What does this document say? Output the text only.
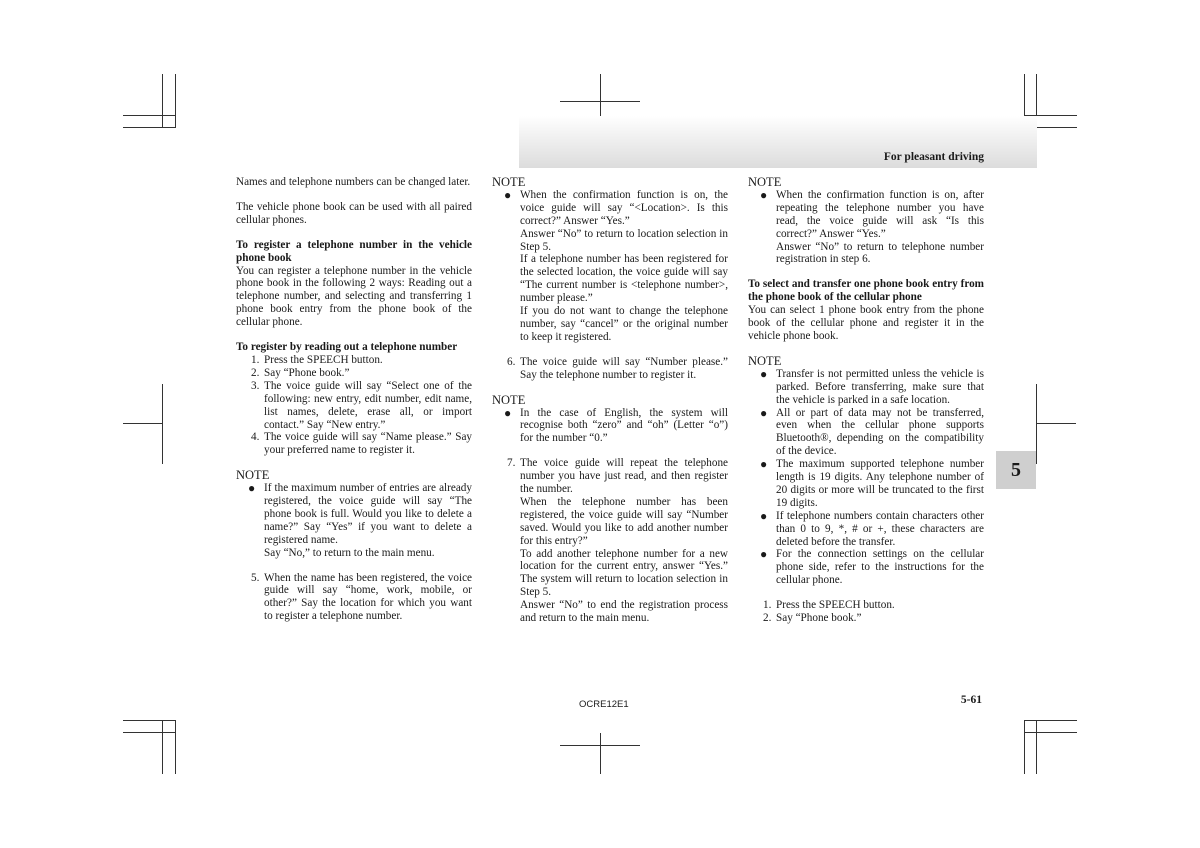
For pleasant driving

Names and telephone numbers can be changed later.

The vehicle phone book can be used with all paired cellular phones.

To register a telephone number in the vehicle phone book

You can register a telephone number in the vehicle phone book in the following 2 ways: Reading out a telephone number, and selecting and transferring 1 phone book entry from the phone book of the cellular phone.

To register by reading out a telephone number

1. Press the SPEECH button.
2. Say “Phone book.”
3. The voice guide will say “Select one of the following: new entry, edit number, edit name, list names, delete, erase all, or import contact.” Say “New entry.”
4. The voice guide will say “Name please.” Say your preferred name to register it.

NOTE

● If the maximum number of entries are already registered, the voice guide will say “The phone book is full. Would you like to delete a name?” Say “Yes” if you want to delete a registered name.

Say “No,” to return to the main menu.

5. When the name has been registered, the voice guide will say “home, work, mobile, or other?” Say the location for which you want to register a telephone number.

NOTE

● When the confirmation function is on, the voice guide will say “<Location>. Is this correct?” Answer “Yes.”

Answer “No” to return to location selection in Step 5.

If a telephone number has been registered for the selected location, the voice guide will say “The current number is <telephone number>, number please.”

If you do not want to change the telephone number, say “cancel” or the original number to keep it registered.

6. The voice guide will say “Number please.” Say the telephone number to register it.

NOTE

● In the case of English, the system will recognise both “zero” and “oh” (Letter “o”) for the number “0.”
7. The voice guide will repeat the telephone number you have just read, and then register the number.

When the telephone number has been registered, the voice guide will say “Number saved. Would you like to add another number for this entry?”

To add another telephone number for a new location for the current entry, answer “Yes.” The system will return to location selection in Step 5.

Answer “No” to end the registration process and return to the main menu.

NOTE

● When the confirmation function is on, after repeating the telephone number you have read, the voice guide will ask “Is this correct?” Answer “Yes.”

Answer “No” to return to telephone number registration in step 6.

To select and transfer one phone book entry from the phone book of the cellular phone

You can select 1 phone book entry from the phone book of the cellular phone and register it in the vehicle phone book.

NOTE

● Transfer is not permitted unless the vehicle is parked. Before transferring, make sure that the vehicle is parked in a safe location.
● All or part of data may not be transferred, even when the cellular phone supports Bluetooth®, depending on the compatibility of the device.
● The maximum supported telephone number length is 19 digits. Any telephone number of 20 digits or more will be truncated to the first 19 digits.
● If telephone numbers contain characters other than 0 to 9, *, # or +, these characters are deleted before the transfer.
● For the connection settings on the cellular phone side, refer to the instructions for the cellular phone.
1. Press the SPEECH button.
2. Say “Phone book.”
5
OCRE12E1	5-61
